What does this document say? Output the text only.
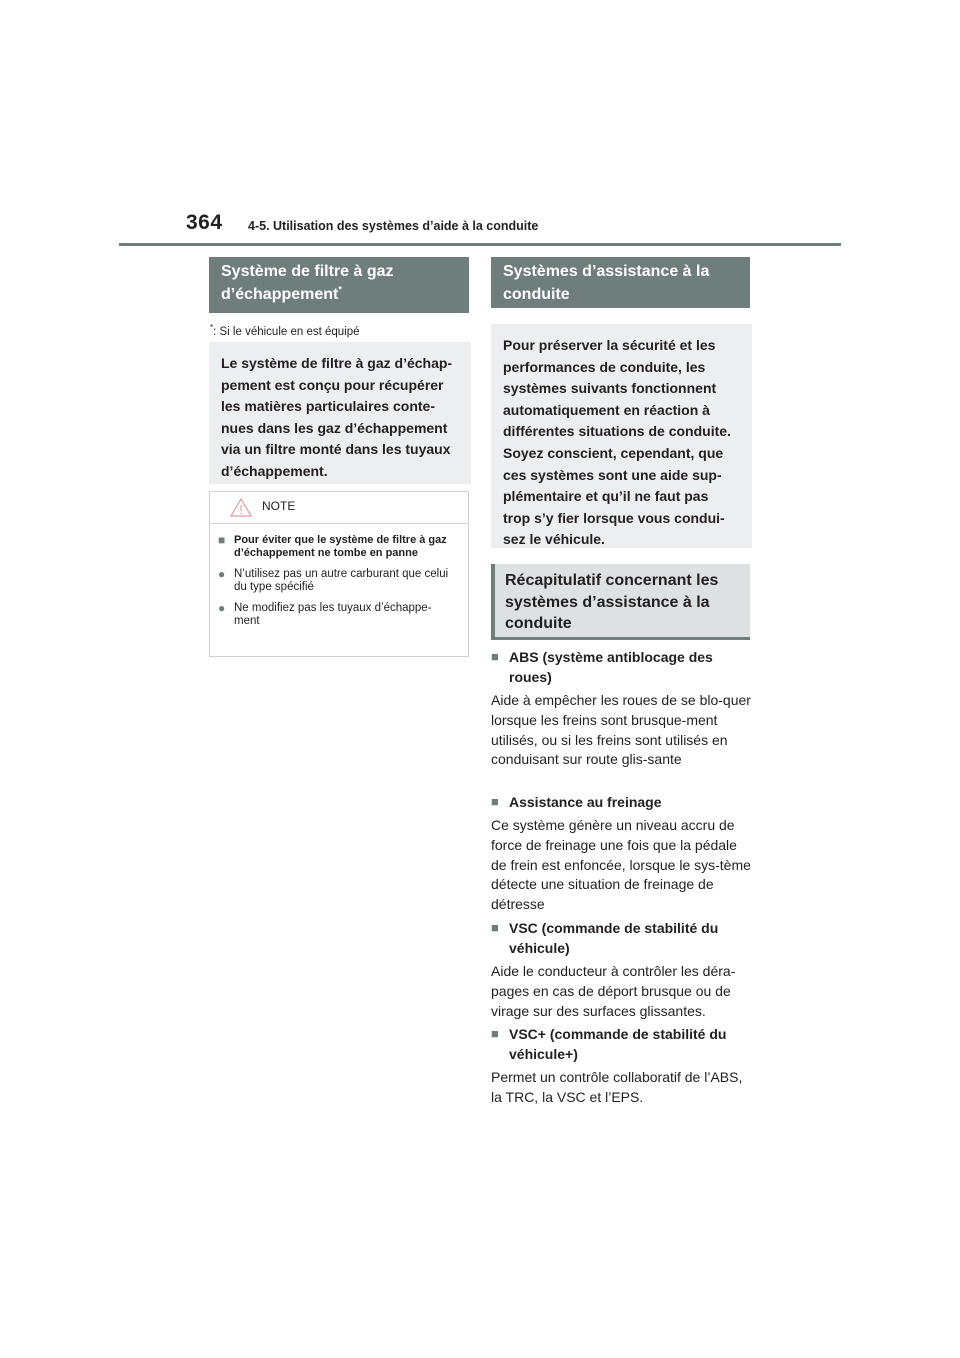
364 4-5. Utilisation des systèmes d’aide à la conduite
Système de filtre à gaz
d’échappement*
*: Si le véhicule en est équipé
Le système de filtre à gaz d’échap-
pement est conçu pour récupérer
les matières particulaires conte-
nues dans les gaz d’échappement
via un filtre monté dans les tuyaux
d’échappement.
NOTE
■ Pour éviter que le système de filtre à gaz d’échappement ne tombe en panne
● N’utilisez pas un autre carburant que celui du type spécifié
● Ne modifiez pas les tuyaux d’échappe-ment
Systèmes d’assistance à la conduite
Pour préserver la sécurité et les
performances de conduite, les
systèmes suivants fonctionnent
automatiquement en réaction à
différentes situations de conduite.
Soyez conscient, cependant, que
ces systèmes sont une aide sup-
plémentaire et qu’il ne faut pas
trop s’y fier lorsque vous condui-
sez le véhicule.
Récapitulatif concernant les systèmes d’assistance à la conduite
■ ABS (système antiblocage des roues)
Aide à empêcher les roues de se blo-quer lorsque les freins sont brusque-ment utilisés, ou si les freins sont utilisés en conduisant sur route glis-sante
■ Assistance au freinage
Ce système génère un niveau accru de force de freinage une fois que la pédale de frein est enfoncée, lorsque le sys-tème détecte une situation de freinage de détresse
■ VSC (commande de stabilité du véhicule)
Aide le conducteur à contrôler les déra-pages en cas de déport brusque ou de virage sur des surfaces glissantes.
■ VSC+ (commande de stabilité du véhicule+)
Permet un contrôle collaboratif de l’ABS, la TRC, la VSC et l’EPS.
